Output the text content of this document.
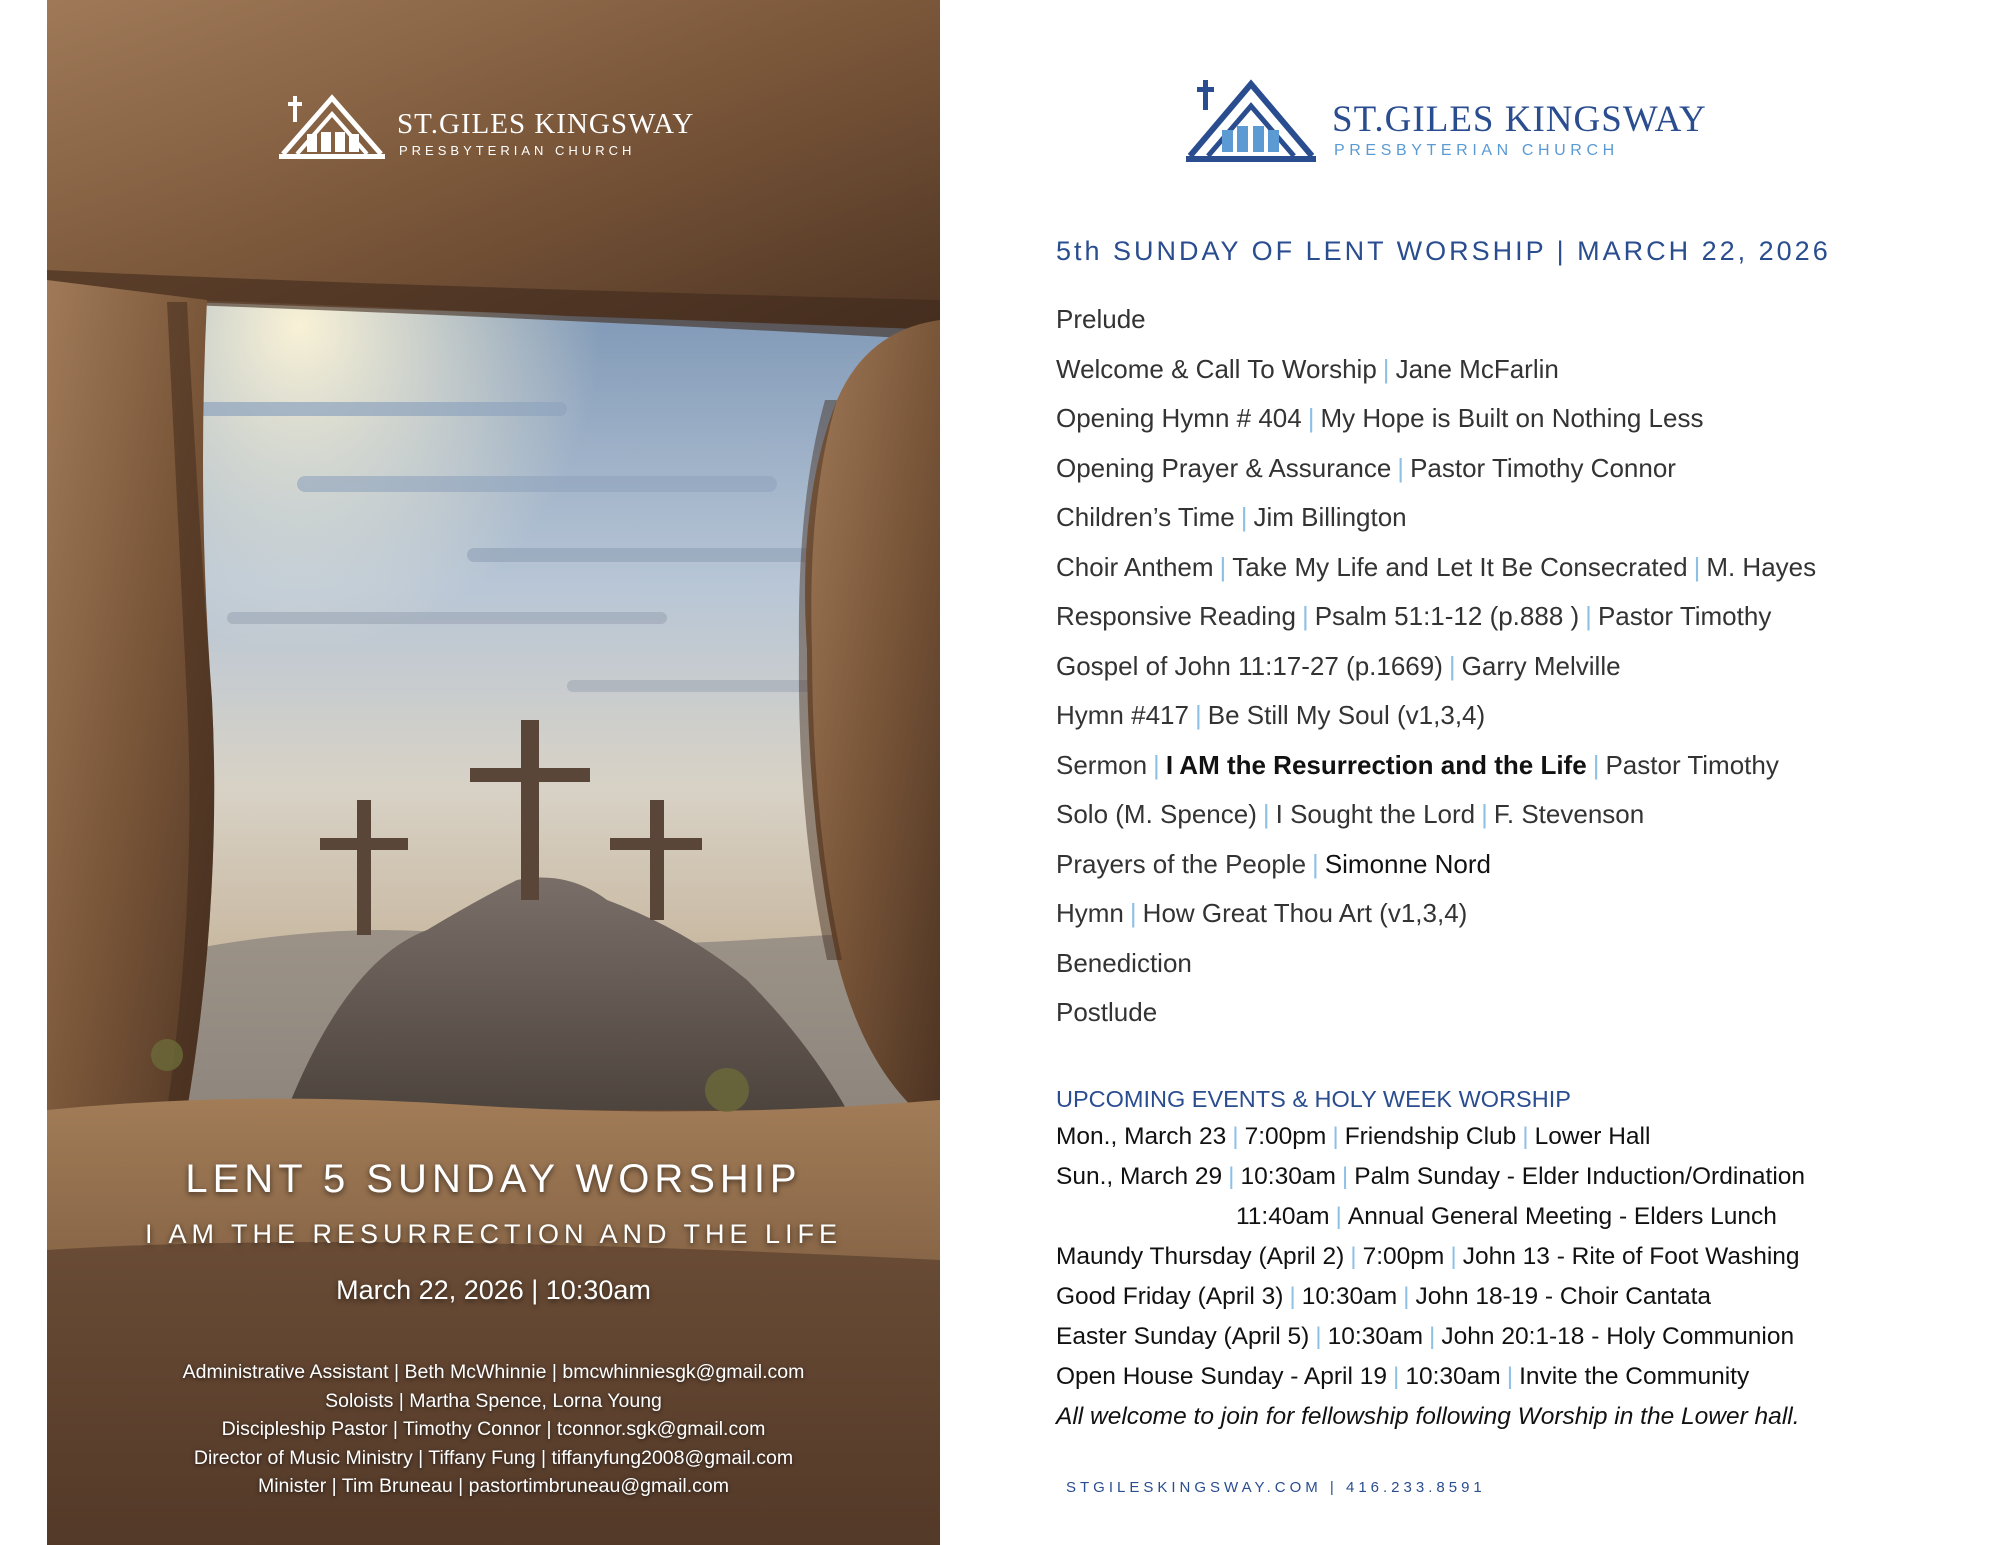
ST.GILES KINGSWAY
PRESBYTERIAN CHURCH
LENT 5 SUNDAY WORSHIP
I AM THE RESURRECTION AND THE LIFE
March 22, 2026 | 10:30am
Administrative Assistant | Beth McWhinnie | bmcwhinniesgk@gmail.com
Soloists | Martha Spence, Lorna Young
Discipleship Pastor | Timothy Connor | tconnor.sgk@gmail.com
Director of Music Ministry | Tiffany Fung | tiffanyfung2008@gmail.com
Minister | Tim Bruneau | pastortimbruneau@gmail.com
ST.GILES KINGSWAY
PRESBYTERIAN CHURCH
5th SUNDAY OF LENT WORSHIP | MARCH 22, 2026
Prelude
Welcome & Call To Worship | Jane McFarlin
Opening Hymn # 404 | My Hope is Built on Nothing Less
Opening Prayer & Assurance | Pastor Timothy Connor
Children’s Time | Jim Billington
Choir Anthem | Take My Life and Let It Be Consecrated | M. Hayes
Responsive Reading | Psalm 51:1-12 (p.888 ) | Pastor Timothy
Gospel of John 11:17-27 (p.1669) | Garry Melville
Hymn #417 | Be Still My Soul (v1,3,4)
Sermon | I AM the Resurrection and the Life | Pastor Timothy
Solo (M. Spence) | I Sought the Lord | F. Stevenson
Prayers of the People | Simonne Nord
Hymn | How Great Thou Art (v1,3,4)
Benediction
Postlude
UPCOMING EVENTS & HOLY WEEK WORSHIP
Mon., March 23 | 7:00pm | Friendship Club | Lower Hall
Sun., March 29 | 10:30am | Palm Sunday - Elder Induction/Ordination
11:40am | Annual General Meeting - Elders Lunch
Maundy Thursday (April 2) | 7:00pm | John 13 - Rite of Foot Washing
Good Friday (April 3) | 10:30am | John 18-19 - Choir Cantata
Easter Sunday (April 5) | 10:30am | John 20:1-18 - Holy Communion
Open House Sunday - April 19 | 10:30am | Invite the Community
All welcome to join for fellowship following Worship in the Lower hall.
STGILESKINGSWAY.COM | 416.233.8591
